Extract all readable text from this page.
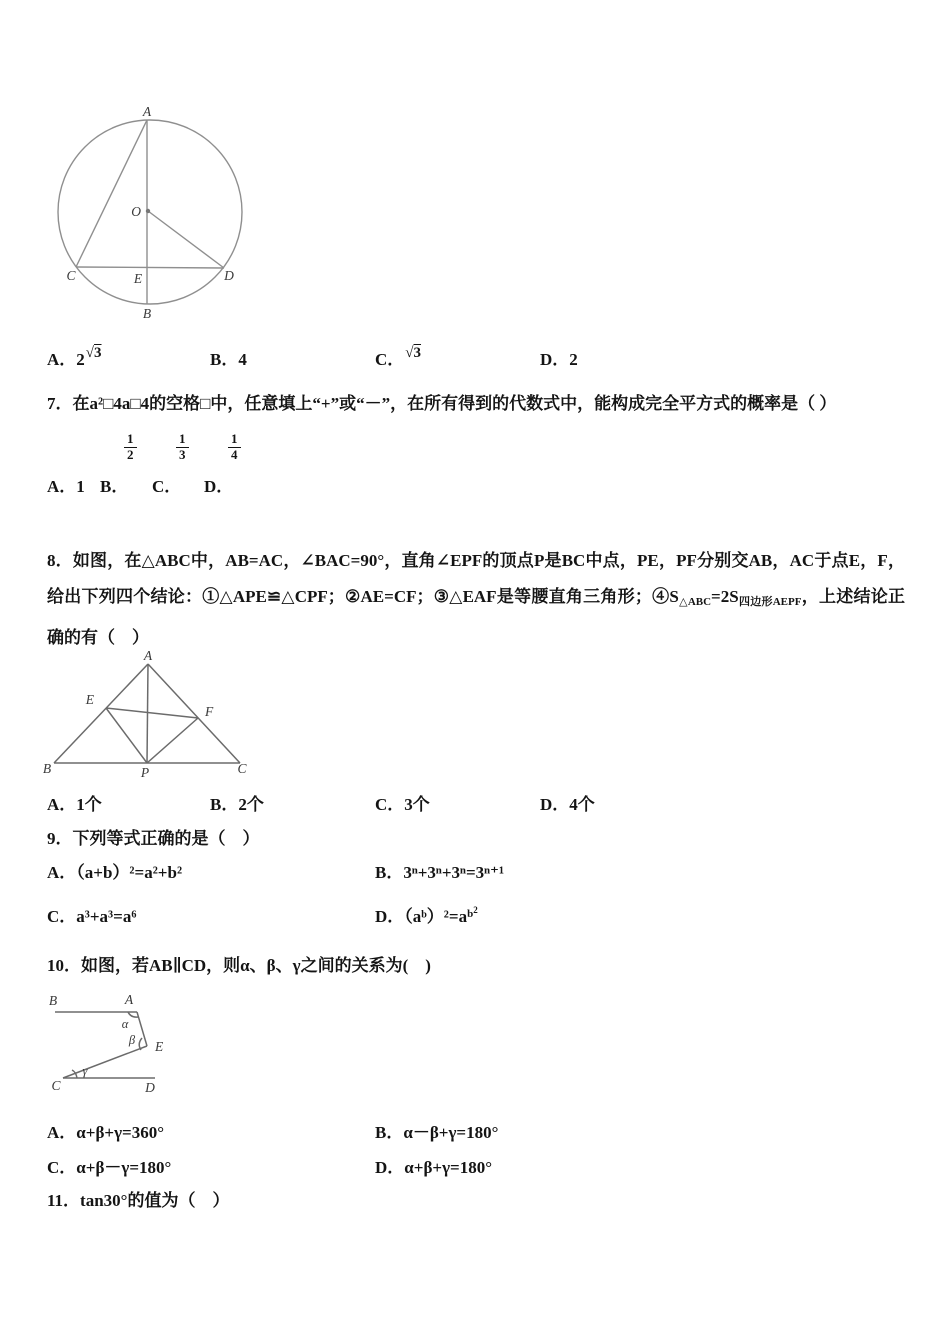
A
O
C	E	D
B
A．2√3	B．4	C．√3	D．2
7．在a²□4a□4的空格□中，任意填上“+”或“－”，在所有得到的代数式中，能构成完全平方式的概率是（ ）
$\frac{1}{2}$	$\frac{1}{3}$	$\frac{1}{4}$
A．1 B． C． D．

8．如图，在△ABC中，AB=AC，∠BAC=90°，直角∠EPF的顶点P是BC中点，PE，PF分别交AB，AC于点E，F，给出下列四个结论：①△APE≌△CPF；②AE=CF；③△EAF是等腰直角三角形；④S△ABC=2S四边形AEPF，上述结论正确的有（　）

A
E
F
B	P	C
A．1个	B．2个	C．3个	D．4个
9．下列等式正确的是（　）
A．（a+b）²=a²+b²	B．3ⁿ+3ⁿ+3ⁿ=3ⁿ⁺¹
C．a³+a³=a⁶	D．$(aᵇ)^2=a^{b2}$
10．如图，若AB∥CD，则α、β、γ之间的关系为(　)
B	A
α
β E
γ
C	D
A．α+β+γ=360°	B．α－β+γ=180°
C．α+β－γ=180°	D．α+β+γ=180°
11．tan30°的值为（　）
